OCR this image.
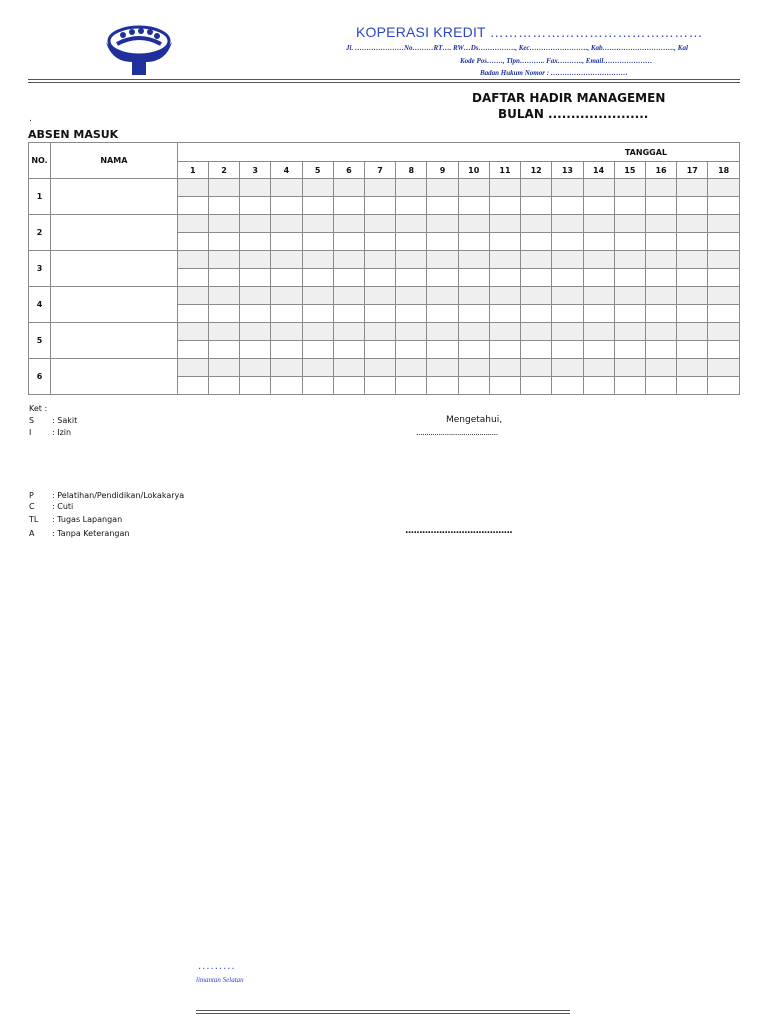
KOPERASI KREDIT ………………………………………
Jl. …………………No………RT…. RW…Ds……………., Kec……………………., Kab…………………………., Kal
Kode Pos……., Tlpn……….. Fax……….., Email…………………
Badan Hukum Nomor : ……………………………
DAFTAR HADIR MANAGEMEN
BULAN ......................
.
ABSEN MASUK
NO.	NAMA	TANGGAL																	
		1	2	3	4	5	6	7	8	9	10	11	12	13	14	15	16	17	18
1																			

2																			

3																			

4																			

5																			

6																			

Ket :
S : Sakit
I	: Izin
P : Pelatihan/Pendidikan/Lokakarya
C : Cuti
TL : Tugas Lapangan
A : Tanpa Keterangan
Mengetahui,
........................................
......................................
.........
limantan Selatan
